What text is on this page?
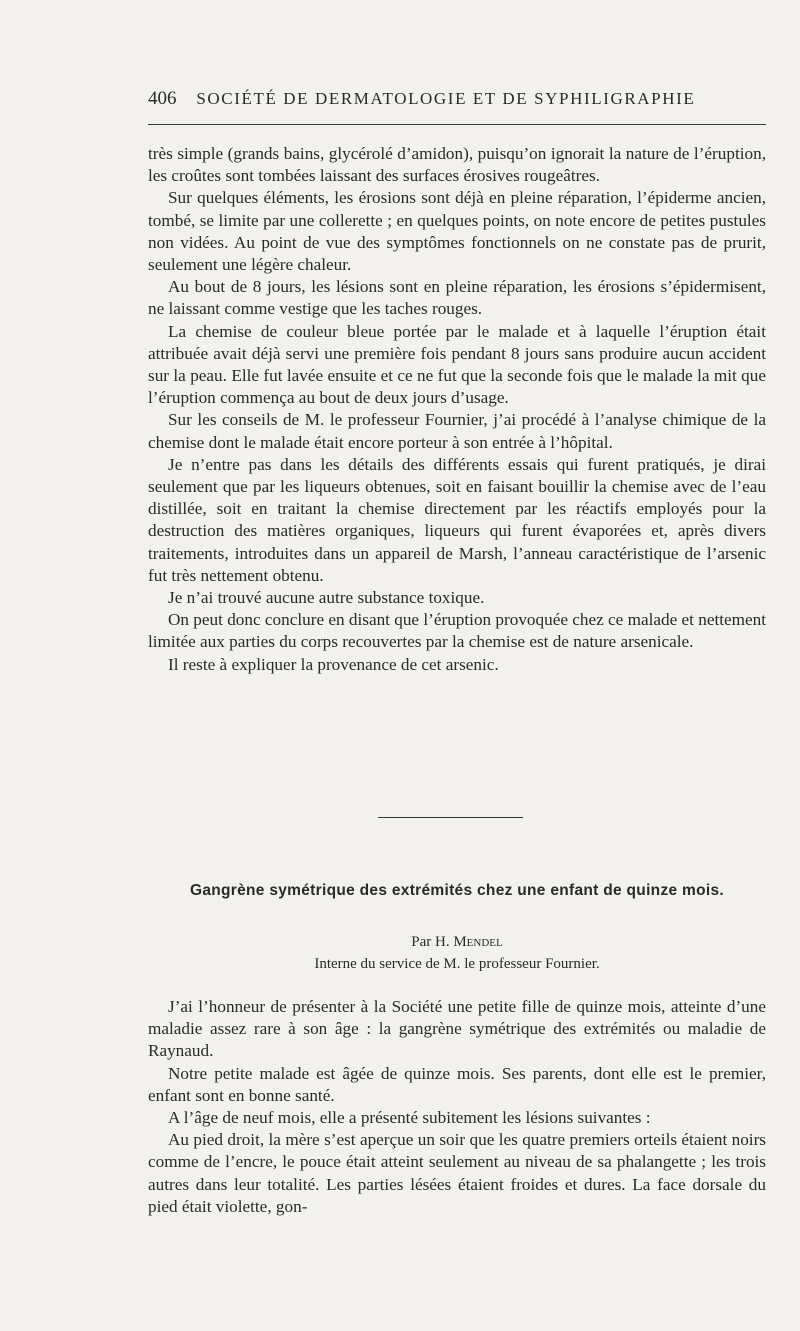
406 SOCIÉTÉ DE DERMATOLOGIE ET DE SYPHILIGRAPHIE

très simple (grands bains, glycérolé d’amidon), puisqu’on ignorait la nature de l’éruption, les croûtes sont tombées laissant des surfaces érosives rougeâtres.

Sur quelques éléments, les érosions sont déjà en pleine réparation, l’épiderme ancien, tombé, se limite par une collerette ; en quelques points, on note encore de petites pustules non vidées. Au point de vue des symptômes fonctionnels on ne constate pas de prurit, seulement une légère chaleur.

Au bout de 8 jours, les lésions sont en pleine réparation, les érosions s’épidermisent, ne laissant comme vestige que les taches rouges.

La chemise de couleur bleue portée par le malade et à laquelle l’éruption était attribuée avait déjà servi une première fois pendant 8 jours sans produire aucun accident sur la peau. Elle fut lavée ensuite et ce ne fut que la seconde fois que le malade la mit que l’éruption commença au bout de deux jours d’usage.

Sur les conseils de M. le professeur Fournier, j’ai procédé à l’analyse chimique de la chemise dont le malade était encore porteur à son entrée à l’hôpital.

Je n’entre pas dans les détails des différents essais qui furent pratiqués, je dirai seulement que par les liqueurs obtenues, soit en faisant bouillir la chemise avec de l’eau distillée, soit en traitant la chemise directement par les réactifs employés pour la destruction des matières organiques, liqueurs qui furent évaporées et, après divers traitements, introduites dans un appareil de Marsh, l’anneau caractéristique de l’arsenic fut très nettement obtenu.

Je n’ai trouvé aucune autre substance toxique.

On peut donc conclure en disant que l’éruption provoquée chez ce malade et nettement limitée aux parties du corps recouvertes par la chemise est de nature arsenicale.

Il reste à expliquer la provenance de cet arsenic.

Gangrène symétrique des extrémités chez une enfant de quinze mois.
Par H. Mendel
Interne du service de M. le professeur Fournier.

J’ai l’honneur de présenter à la Société une petite fille de quinze mois, atteinte d’une maladie assez rare à son âge : la gangrène symétrique des extrémités ou maladie de Raynaud.

Notre petite malade est âgée de quinze mois. Ses parents, dont elle est le premier, enfant sont en bonne santé.

A l’âge de neuf mois, elle a présenté subitement les lésions suivantes :

Au pied droit, la mère s’est aperçue un soir que les quatre premiers orteils étaient noirs comme de l’encre, le pouce était atteint seulement au niveau de sa phalangette ; les trois autres dans leur totalité. Les parties lésées étaient froides et dures. La face dorsale du pied était violette, gon-
